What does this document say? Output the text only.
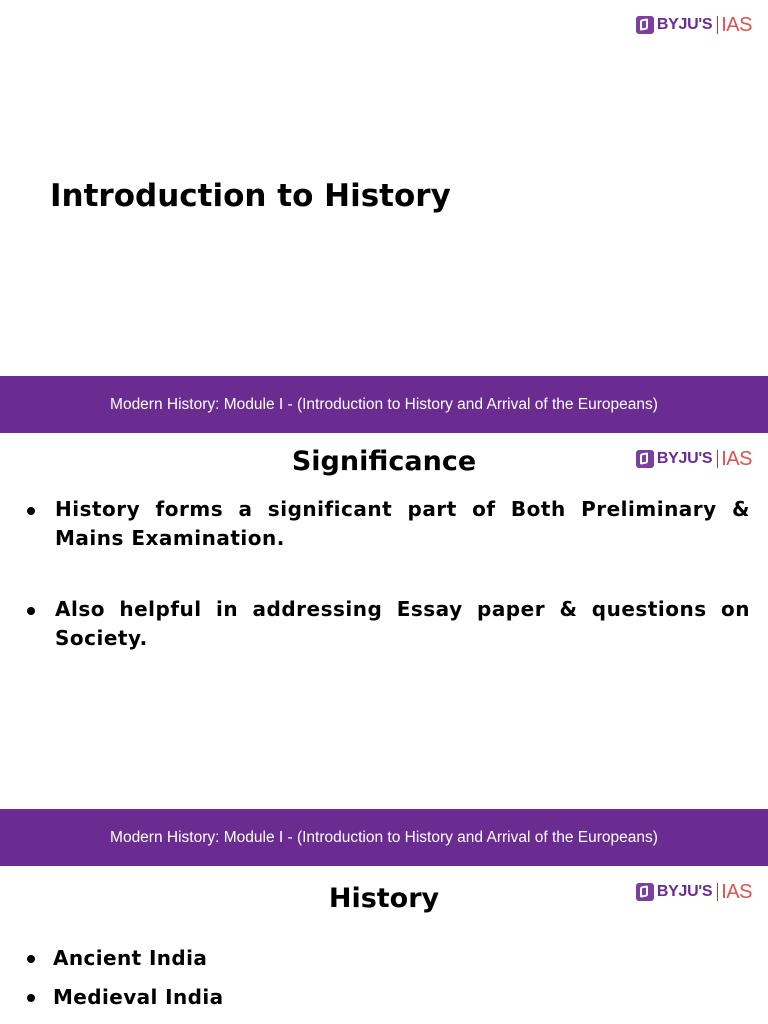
BYJU'S IAS
Introduction to History
Modern History: Module I - (Introduction to History and Arrival of the Europeans)
Significance	BYJU'S IAS
History forms a significant part of Both Preliminary & Mains Examination.
Also helpful in addressing Essay paper & questions on Society.
Modern History: Module I - (Introduction to History and Arrival of the Europeans)
History	BYJU'S IAS
Ancient India
Medieval India
